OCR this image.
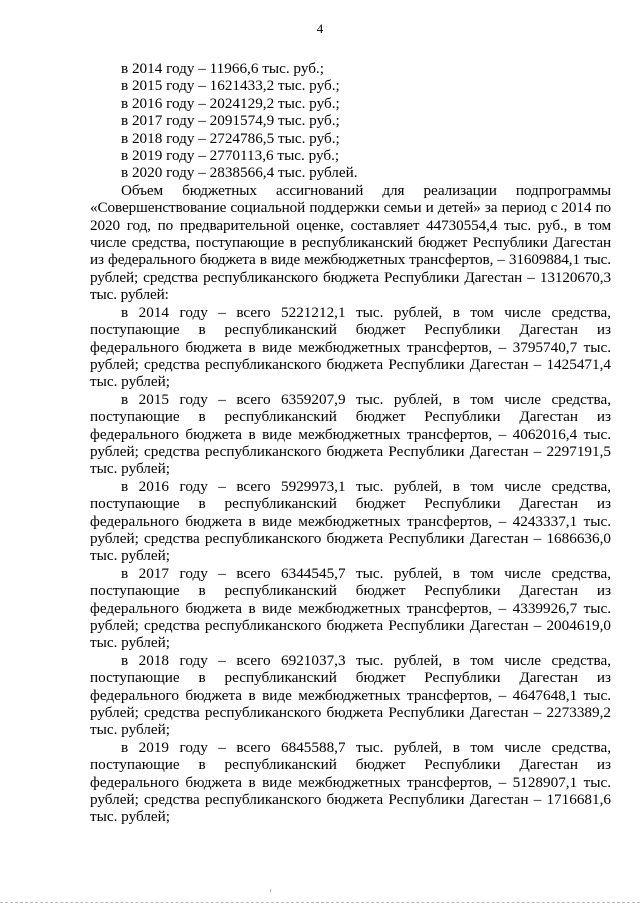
4
в 2014 году – 11966,6 тыс. руб.;
в 2015 году – 1621433,2 тыс. руб.;
в 2016 году – 2024129,2 тыс. руб.;
в 2017 году – 2091574,9 тыс. руб.;
в 2018 году – 2724786,5 тыс. руб.;
в 2019 году – 2770113,6 тыс. руб.;
в 2020 году – 2838566,4 тыс. рублей.

Объем бюджетных ассигнований для реализации подпрограммы «Совершенствование социальной поддержки семьи и детей» за период с 2014 по 2020 год, по предварительной оценке, составляет 44730554,4 тыс. руб., в том числе средства, поступающие в республиканский бюджет Республики Дагестан из федерального бюджета в виде межбюджетных трансфертов, – 31609884,1 тыс. рублей; средства республиканского бюджета Республики Дагестан – 13120670,3 тыс. рублей:

в 2014 году – всего 5221212,1 тыс. рублей, в том числе средства, поступающие в республиканский бюджет Республики Дагестан из федерального бюджета в виде межбюджетных трансфертов, – 3795740,7 тыс. рублей; средства республиканского бюджета Республики Дагестан – 1425471,4 тыс. рублей;

в 2015 году – всего 6359207,9 тыс. рублей, в том числе средства, поступающие в республиканский бюджет Республики Дагестан из федерального бюджета в виде межбюджетных трансфертов, – 4062016,4 тыс. рублей; средства республиканского бюджета Республики Дагестан – 2297191,5 тыс. рублей;

в 2016 году – всего 5929973,1 тыс. рублей, в том числе средства, поступающие в республиканский бюджет Республики Дагестан из федерального бюджета в виде межбюджетных трансфертов, – 4243337,1 тыс. рублей; средства республиканского бюджета Республики Дагестан – 1686636,0 тыс. рублей;

в 2017 году – всего 6344545,7 тыс. рублей, в том числе средства, поступающие в республиканский бюджет Республики Дагестан из федерального бюджета в виде межбюджетных трансфертов, – 4339926,7 тыс. рублей; средства республиканского бюджета Республики Дагестан – 2004619,0 тыс. рублей;

в 2018 году – всего 6921037,3 тыс. рублей, в том числе средства, поступающие в республиканский бюджет Республики Дагестан из федерального бюджета в виде межбюджетных трансфертов, – 4647648,1 тыс. рублей; средства республиканского бюджета Республики Дагестан – 2273389,2 тыс. рублей;

в 2019 году – всего 6845588,7 тыс. рублей, в том числе средства, поступающие в республиканский бюджет Республики Дагестан из федерального бюджета в виде межбюджетных трансфертов, – 5128907,1 тыс. рублей; средства республиканского бюджета Республики Дагестан – 1716681,6 тыс. рублей;

ꞌ
